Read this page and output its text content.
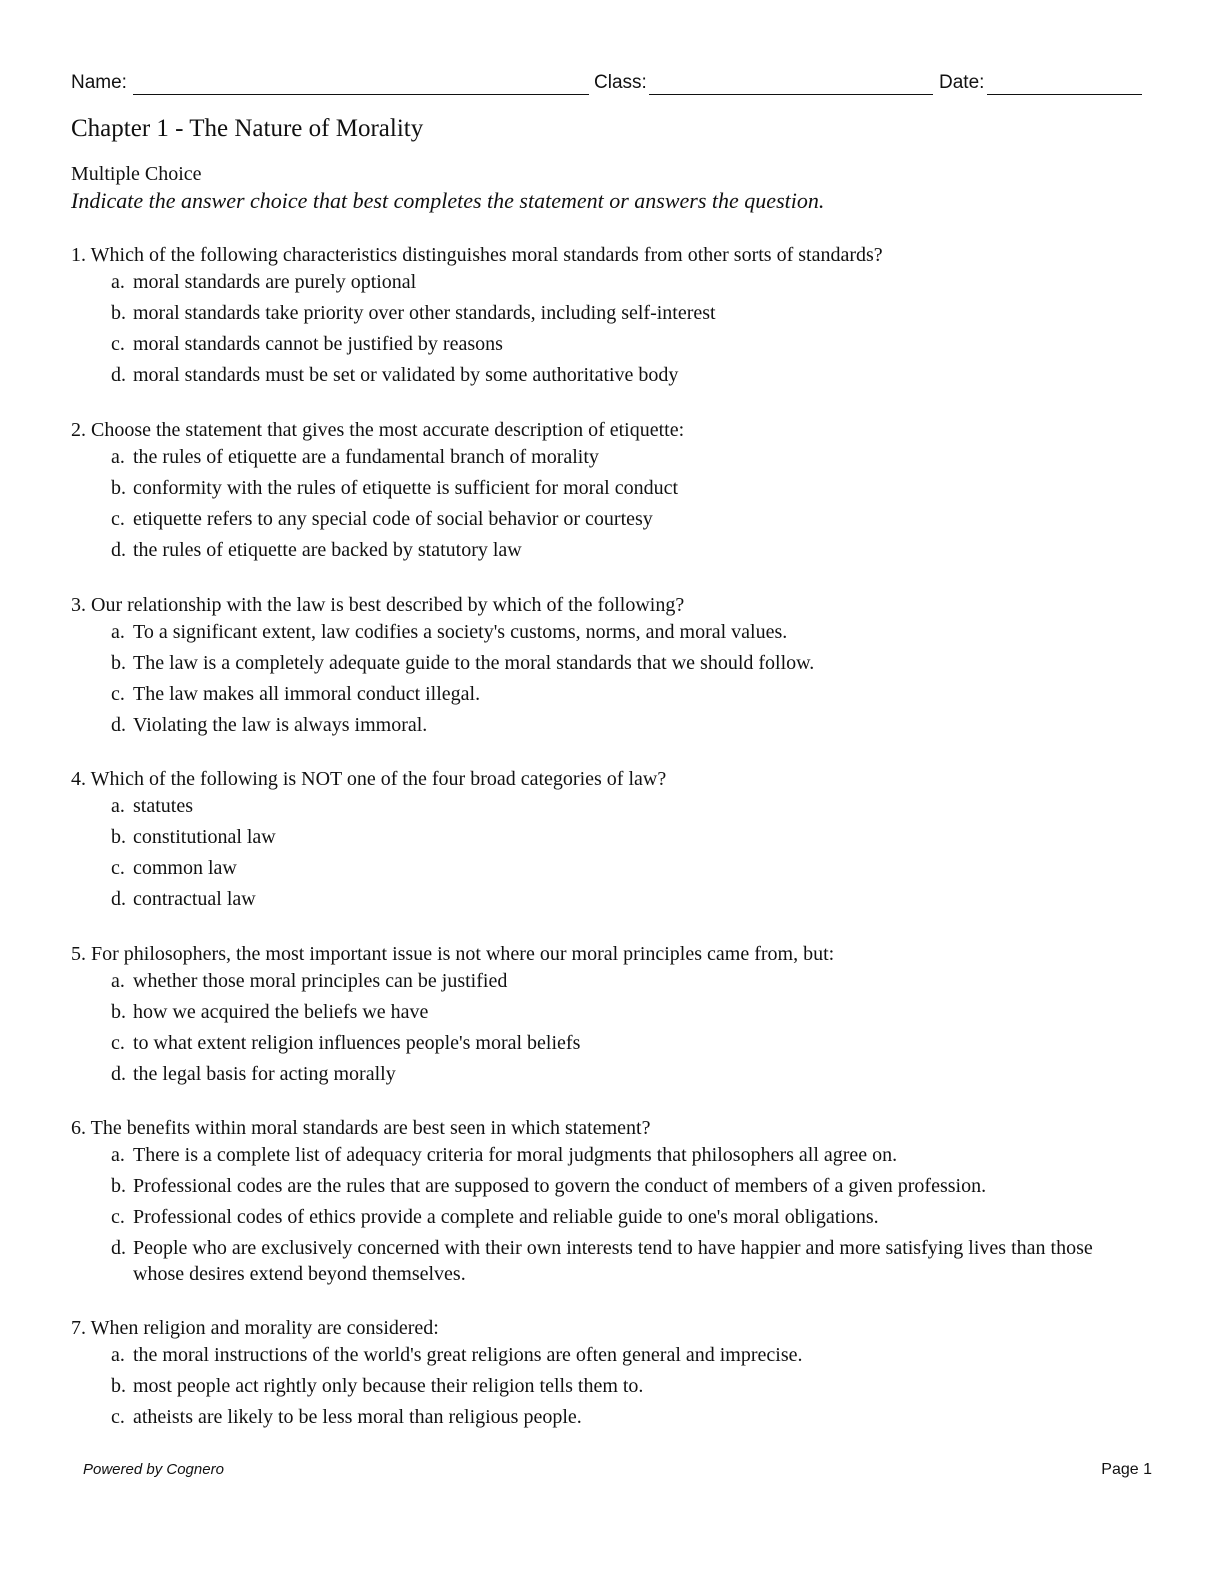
Name:	Class:	Date:
Chapter 1 - The Nature of Morality
Multiple Choice
Indicate the answer choice that best completes the statement or answers the question.
1. Which of the following characteristics distinguishes moral standards from other sorts of standards?
a. moral standards are purely optional
b. moral standards take priority over other standards, including self-interest
c. moral standards cannot be justified by reasons
d. moral standards must be set or validated by some authoritative body
2. Choose the statement that gives the most accurate description of etiquette:
a. the rules of etiquette are a fundamental branch of morality
b. conformity with the rules of etiquette is sufficient for moral conduct
c. etiquette refers to any special code of social behavior or courtesy
d. the rules of etiquette are backed by statutory law
3. Our relationship with the law is best described by which of the following?
a. To a significant extent, law codifies a society's customs, norms, and moral values.
b. The law is a completely adequate guide to the moral standards that we should follow.
c. The law makes all immoral conduct illegal.
d. Violating the law is always immoral.
4. Which of the following is NOT one of the four broad categories of law?
a. statutes
b. constitutional law
c. common law
d. contractual law
5. For philosophers, the most important issue is not where our moral principles came from, but:
a. whether those moral principles can be justified
b. how we acquired the beliefs we have
c. to what extent religion influences people's moral beliefs
d. the legal basis for acting morally
6. The benefits within moral standards are best seen in which statement?
a. There is a complete list of adequacy criteria for moral judgments that philosophers all agree on.
b. Professional codes are the rules that are supposed to govern the conduct of members of a given profession.
c. Professional codes of ethics provide a complete and reliable guide to one's moral obligations.
d. People who are exclusively concerned with their own interests tend to have happier and more satisfying lives than those whose desires extend beyond themselves.
7. When religion and morality are considered:
a. the moral instructions of the world's great religions are often general and imprecise.
b. most people act rightly only because their religion tells them to.
c. atheists are likely to be less moral than religious people.
Powered by Cognero	Page 1
